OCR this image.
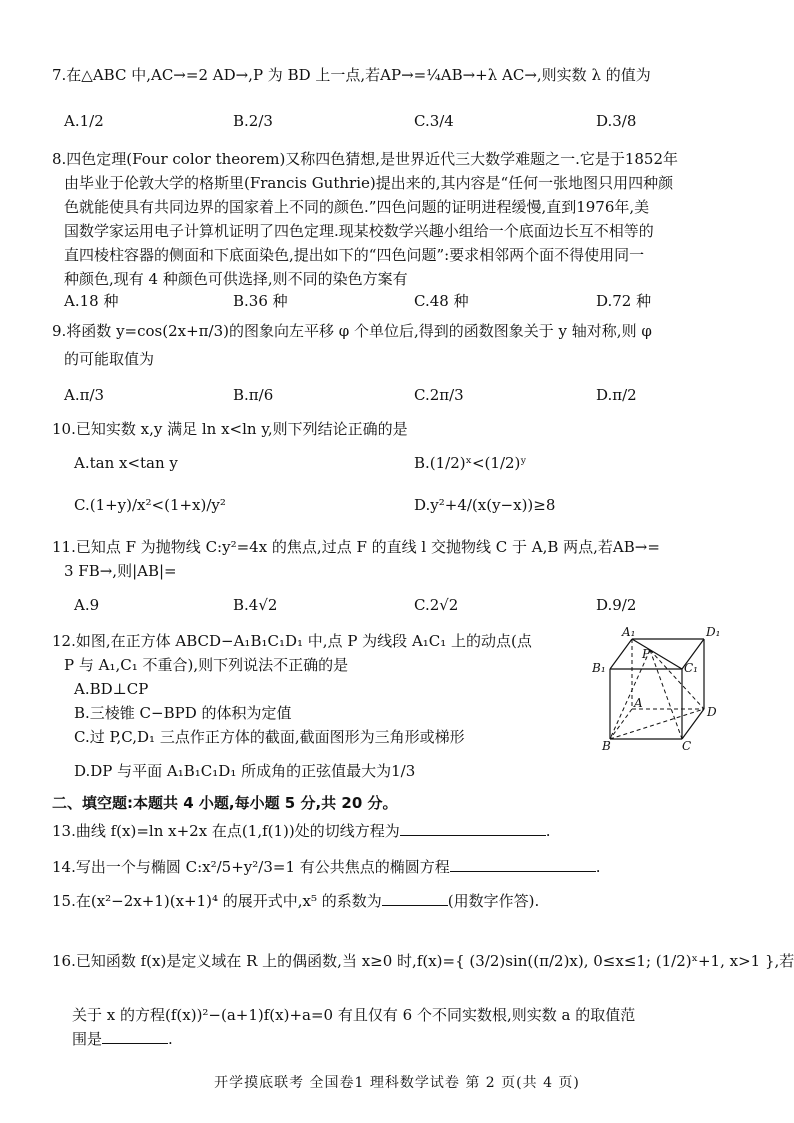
7.在△ABC 中,AC→=2 AD→,P 为 BD 上一点,若AP→=¼AB→+λ AC→,则实数 λ 的值为
8.四色定理(Four color theorem)又称四色猜想,是世界近代三大数学难题之一.它是于1852年
由毕业于伦敦大学的格斯里(Francis Guthrie)提出来的,其内容是“任何一张地图只用四种颜
色就能使具有共同边界的国家着上不同的颜色.”四色问题的证明进程缓慢,直到1976年,美
国数学家运用电子计算机证明了四色定理.现某校数学兴趣小组给一个底面边长互不相等的
直四棱柱容器的侧面和下底面染色,提出如下的“四色问题”:要求相邻两个面不得使用同一
种颜色,现有 4 种颜色可供选择,则不同的染色方案有
9.将函数 y=cos(2x+π/3)的图象向左平移 φ 个单位后,得到的函数图象关于 y 轴对称,则 φ
的可能取值为
10.已知实数 x,y 满足 ln x<ln y,则下列结论正确的是
11.已知点 F 为抛物线 C:y²=4x 的焦点,过点 F 的直线 l 交抛物线 C 于 A,B 两点,若AB→=
3 FB→,则|AB|=
12.如图,在正方体 ABCD−A₁B₁C₁D₁ 中,点 P 为线段 A₁C₁ 上的动点(点
P 与 A₁,C₁ 不重合),则下列说法不正确的是
A.1/2	B.2/3	C.3/4	D.3/8
A.18 种	B.36 种	C.48 种	D.72 种
A.π/3	B.π/6	C.2π/3	D.π/2
A.tan x<tan y	B.(1/2)ˣ<(1/2)ʸ
C.(1+y)/x²<(1+x)/y²	D.y²+4/(x(y−x))≥8
A.9	B.4√2	C.2√2	D.9/2
A.BD⊥CP
B.三棱锥 C−BPD 的体积为定值
C.过 P,C,D₁ 三点作正方体的截面,截面图形为三角形或梯形
D.DP 与平面 A₁B₁C₁D₁ 所成角的正弦值最大为1/3
13.曲线 f(x)=ln x+2x 在点(1,f(1))处的切线方程为	.
14.写出一个与椭圆 C:x²/5+y²/3=1 有公共焦点的椭圆方程	.
15.在(x²−2x+1)(x+1)⁴ 的展开式中,x⁵ 的系数为	(用数字作答).
16.已知函数 f(x)是定义域在 R 上的偶函数,当 x≥0 时,f(x)={ (3/2)sin((π/2)x), 0≤x≤1; (1/2)ˣ+1, x>1 },若
关于 x 的方程(f(x))²−(a+1)f(x)+a=0 有且仅有 6 个不同实数根,则实数 a 的取值范
围是	.
A₁	D₁
B₁	C₁
P
A
D
B	C
二、填空题:本题共 4 小题,每小题 5 分,共 20 分。
开学摸底联考 全国卷1 理科数学试卷 第 2 页(共 4 页)
